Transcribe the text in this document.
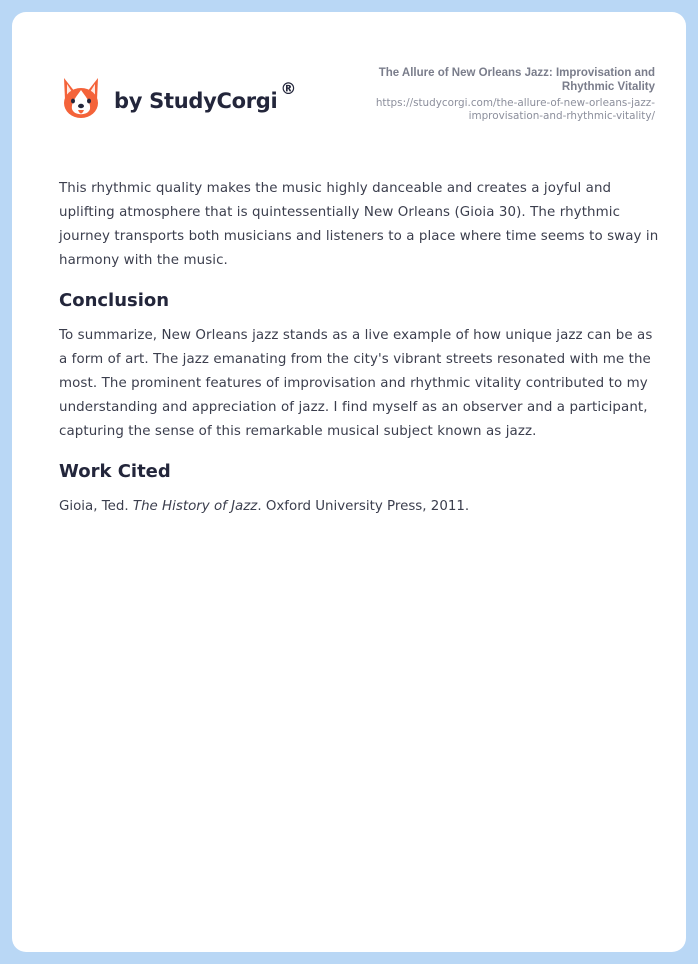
by StudyCorgi
®
The Allure of New Orleans Jazz: Improvisation and Rhythmic Vitality
https://studycorgi.com/the-allure-of-new-orleans-jazz-improvisation-and-rhythmic-vitality/

This rhythmic quality makes the music highly danceable and creates a joyful and uplifting atmosphere that is quintessentially New Orleans (Gioia 30). The rhythmic journey transports both musicians and listeners to a place where time seems to sway in harmony with the music.

Conclusion

To summarize, New Orleans jazz stands as a live example of how unique jazz can be as a form of art. The jazz emanating from the city's vibrant streets resonated with me the most. The prominent features of improvisation and rhythmic vitality contributed to my understanding and appreciation of jazz. I find myself as an observer and a participant, capturing the sense of this remarkable musical subject known as jazz.

Work Cited

Gioia, Ted. The History of Jazz. Oxford University Press, 2011.
